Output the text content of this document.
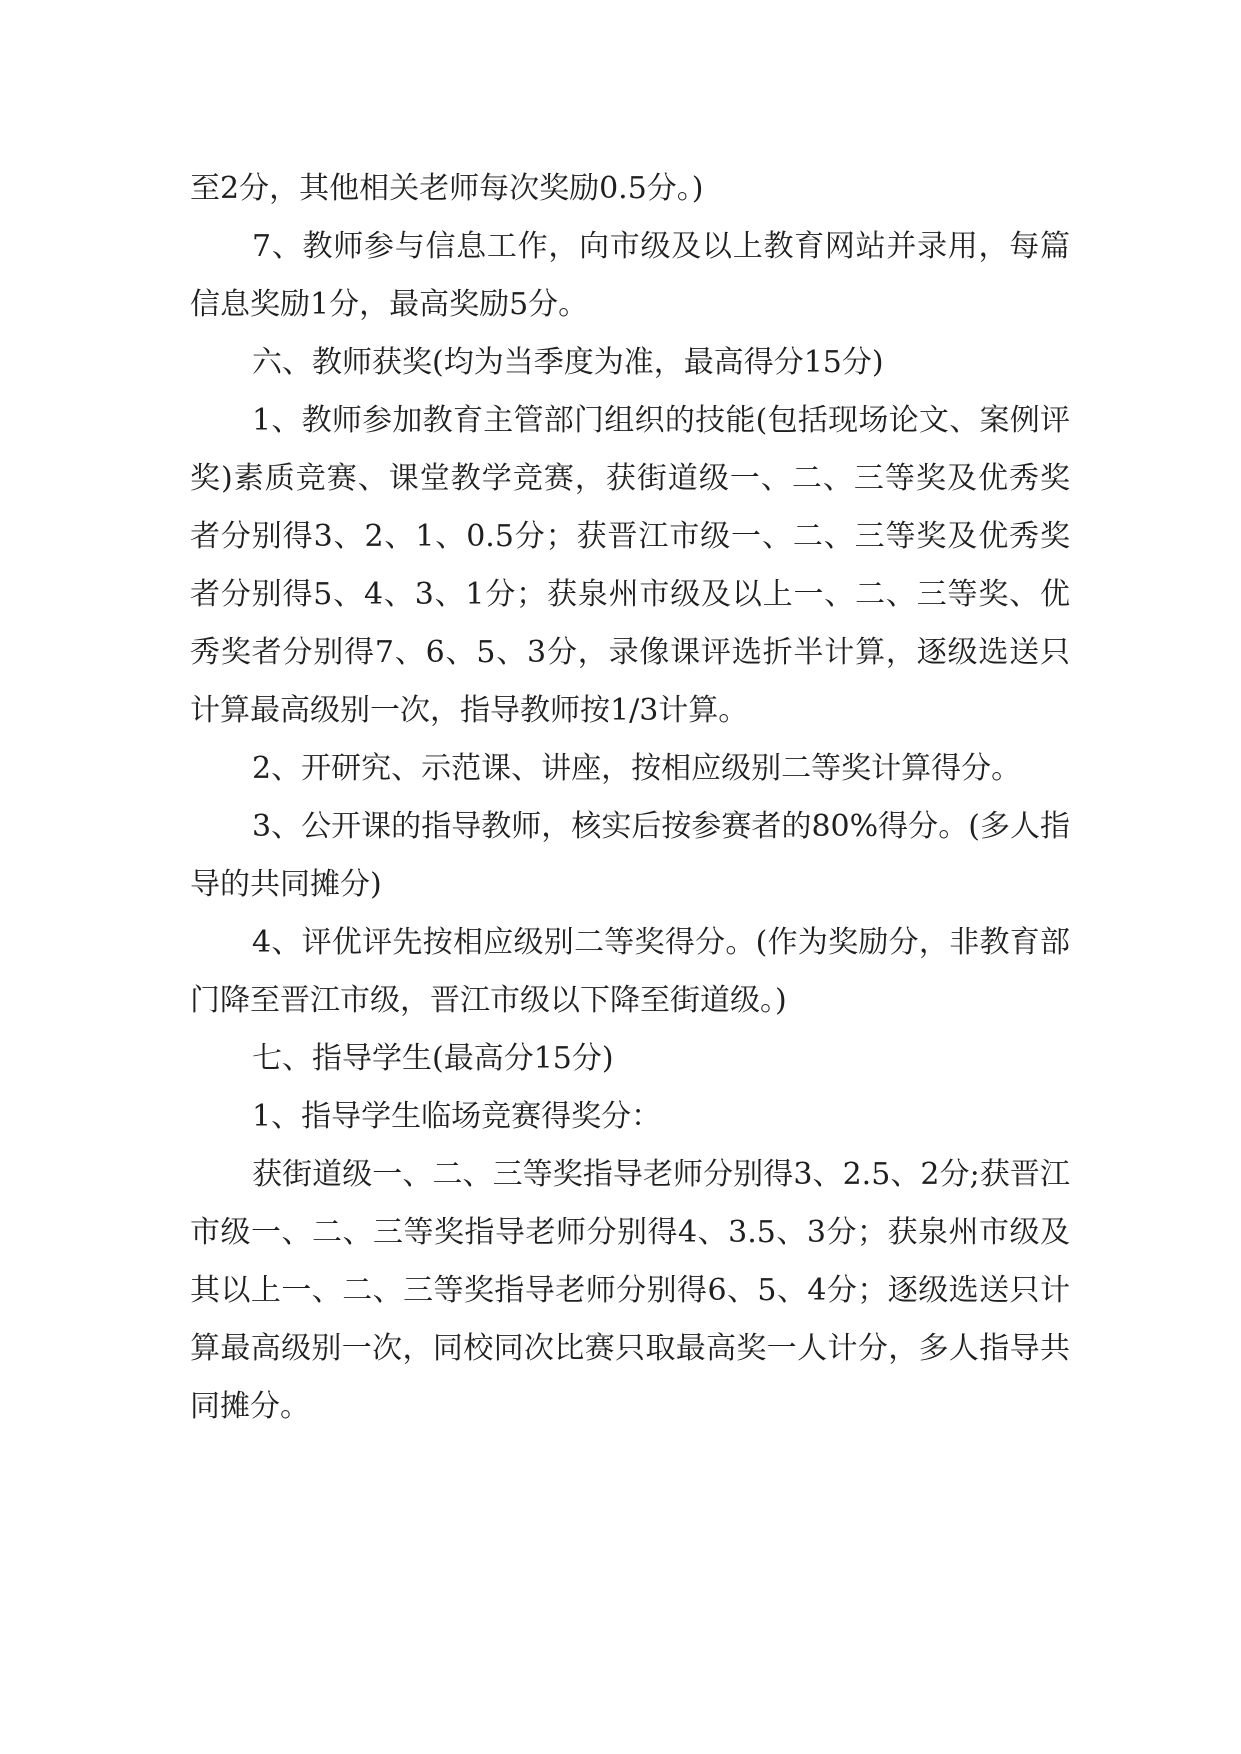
至2分，其他相关老师每次奖励0.5分。)

7、教师参与信息工作，向市级及以上教育网站并录用，每篇信息奖励1分，最高奖励5分。

六、教师获奖(均为当季度为准，最高得分15分)

1、教师参加教育主管部门组织的技能(包括现场论文、案例评奖)素质竞赛、课堂教学竞赛，获街道级一、二、三等奖及优秀奖者分别得3、2、1、0.5分；获晋江市级一、二、三等奖及优秀奖者分别得5、4、3、1分；获泉州市级及以上一、二、三等奖、优秀奖者分别得7、6、5、3分，录像课评选折半计算，逐级选送只计算最高级别一次，指导教师按1/3计算。

2、开研究、示范课、讲座，按相应级别二等奖计算得分。

3、公开课的指导教师，核实后按参赛者的80%得分。(多人指导的共同摊分)

4、评优评先按相应级别二等奖得分。(作为奖励分，非教育部门降至晋江市级，晋江市级以下降至街道级。)

七、指导学生(最高分15分)

1、指导学生临场竞赛得奖分：

获街道级一、二、三等奖指导老师分别得3、2.5、2分;获晋江市级一、二、三等奖指导老师分别得4、3.5、3分；获泉州市级及其以上一、二、三等奖指导老师分别得6、5、4分；逐级选送只计算最高级别一次，同校同次比赛只取最高奖一人计分，多人指导共同摊分。
